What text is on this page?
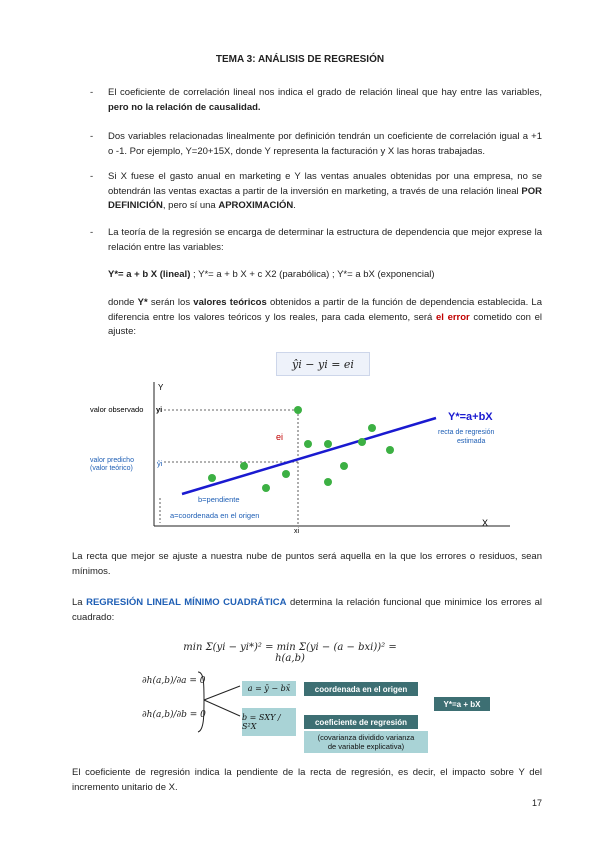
TEMA 3: ANÁLISIS DE REGRESIÓN
- El coeficiente de correlación lineal nos indica el grado de relación lineal que hay entre las variables, pero no la relación de causalidad.
- Dos variables relacionadas linealmente por definición tendrán un coeficiente de correlación igual a +1 o -1. Por ejemplo, Y=20+15X, donde Y representa la facturación y X las horas trabajadas.
- Si X fuese el gasto anual en marketing e Y las ventas anuales obtenidas por una empresa, no se obtendrán las ventas exactas a partir de la inversión en marketing, a través de una relación lineal POR DEFINICIÓN, pero sí una APROXIMACIÓN.
- La teoría de la regresión se encarga de determinar la estructura de dependencia que mejor exprese la relación entre las variables:
Y*= a + b X (lineal) ; Y*= a + b X + c X2 (parabólica) ; Y*= a bX (exponencial)
donde Y* serán los valores teóricos obtenidos a partir de la función de dependencia establecida. La diferencia entre los valores teóricos y los reales, para cada elemento, será el error cometido con el ajuste:
ŷi − yi = ei
Y
X
valor observado yi
valor predicho
(valor teórico)
ŷi
xi
ei
Y*=a+bX
recta de regresión
estimada
b=pendiente
a=coordenada en el origen
La recta que mejor se ajuste a nuestra nube de puntos será aquella en la que los errores o residuos, sean mínimos.
La REGRESIÓN LINEAL MÍNIMO CUADRÁTICA determina la relación funcional que minimice los errores al cuadrado:
min Σ(yi − yi*)² = min Σ(yi − (a − bxi))² = h(a,b)
∂h(a,b)/∂a = 0
∂h(a,b)/∂b = 0
a = ȳ − bx̄
b = SXY / S²X
coordenada en el origen
coeficiente de regresión
(covarianza dividido varianza
de variable explicativa)
Y*=a + bX
El coeficiente de regresión indica la pendiente de la recta de regresión, es decir, el impacto sobre Y del incremento unitario de X.
17
